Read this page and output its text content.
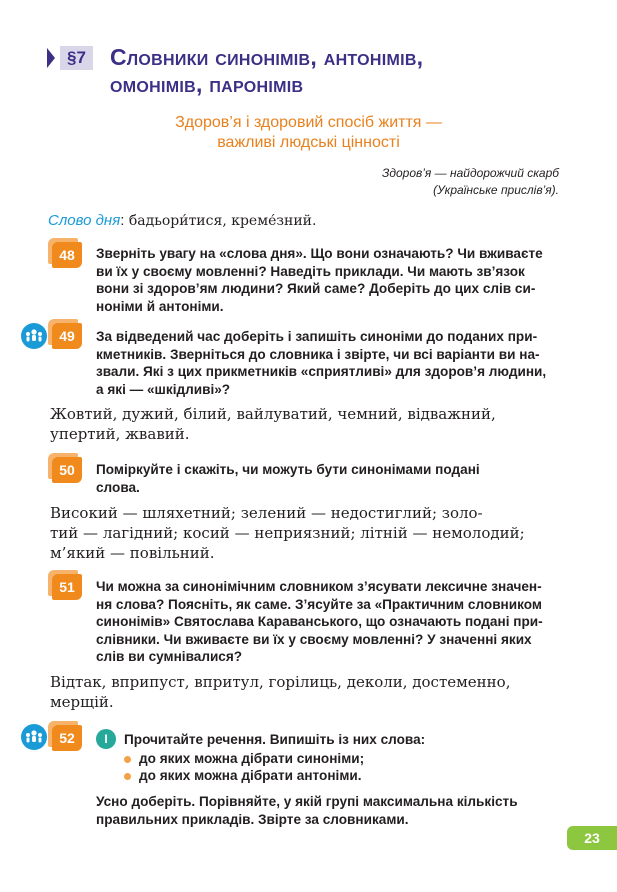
§7	Словники синонімів, антонімів,
омонімів, паронімів
Здоров’я і здоровий спосіб життя —
важливі людські цінності
Здоров’я — найдорожчий скарб
(Українське прислів’я).
Слово дня: бадьори́тися, креме́зний.
48	Зверніть увагу на «слова дня». Що вони означають? Чи вживаєте
ви їх у своєму мовленні? Наведіть приклади. Чи мають зв’язок
вони зі здоров’ям людини? Який саме? Доберіть до цих слів си-
ноніми й антоніми.
49	За відведений час доберіть і запишіть синоніми до поданих при-
кметників. Зверніться до словника і звірте, чи всі варіанти ви на-
звали. Які з цих прикметників «сприятливі» для здоров’я людини,
а які — «шкідливі»?
Жовтий, дужий, білий, вайлуватий, чемний, відважний,
упертий, жвавий.
50	Поміркуйте і скажіть, чи можуть бути синонімами подані
слова.
Високий — шляхетний; зелений — недостиглий; золо-
тий — лагідний; косий — неприязний; літній — немолодий;
м’який — повільний.
51	Чи можна за синонімічним словником з’ясувати лексичне значен-
ня слова? Поясніть, як саме. З’ясуйте за «Практичним словником
синонімів» Святослава Караванського, що означають подані при-
слівники. Чи вживаєте ви їх у своєму мовленні? У значенні яких
слів ви сумнівалися?
Відтак, вприпуст, впритул, горілиць, деколи, достеменно,
мерщій.
52	I	Прочитайте речення. Випишіть із них слова:
до яких можна дібрати синоніми;
до яких можна дібрати антоніми.
Усно доберіть. Порівняйте, у якій групі максимальна кількість
правильних прикладів. Звірте за словниками.
23
